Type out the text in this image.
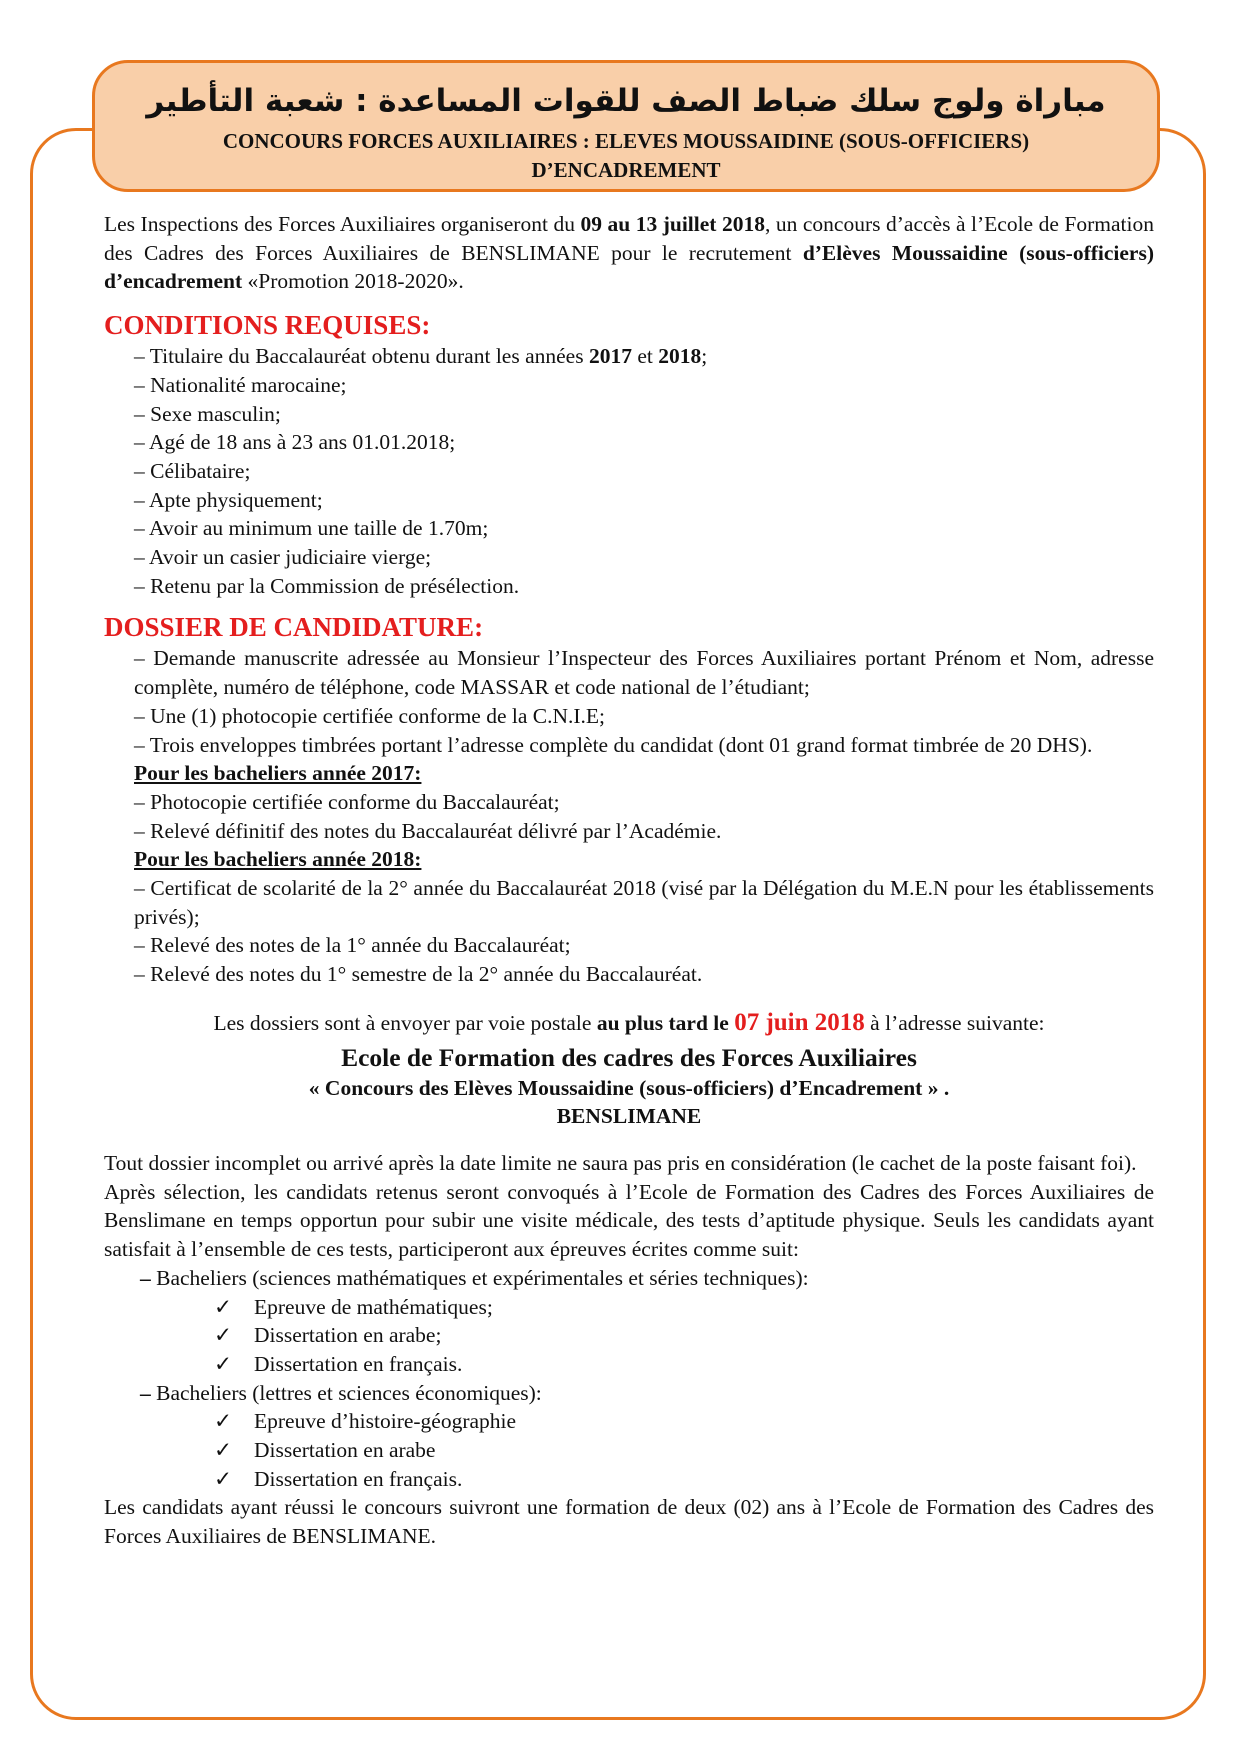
مباراة ولوج سلك ضباط الصف للقوات المساعدة : شعبة التأطير
CONCOURS FORCES AUXILIAIRES : ELEVES MOUSSAIDINE (SOUS-OFFICIERS)
D’ENCADREMENT

Les Inspections des Forces Auxiliaires organiseront du 09 au 13 juillet 2018, un concours d’accès à l’Ecole de Formation des Cadres des Forces Auxiliaires de BENSLIMANE pour le recrutement d’Elèves Moussaidine (sous-officiers) d’encadrement «Promotion 2018-2020».

CONDITIONS REQUISES:
– Titulaire du Baccalauréat obtenu durant les années 2017 et 2018;
– Nationalité marocaine;
– Sexe masculin;
– Agé de 18 ans à 23 ans 01.01.2018;
– Célibataire;
– Apte physiquement;
– Avoir au minimum une taille de 1.70m;
– Avoir un casier judiciaire vierge;
– Retenu par la Commission de présélection.
DOSSIER DE CANDIDATURE:
– Demande manuscrite adressée au Monsieur l’Inspecteur des Forces Auxiliaires portant Prénom et Nom, adresse complète, numéro de téléphone, code MASSAR et code national de l’étudiant;
– Une (1) photocopie certifiée conforme de la C.N.I.E;
– Trois enveloppes timbrées portant l’adresse complète du candidat (dont 01 grand format timbrée de 20 DHS).
Pour les bacheliers année 2017:
– Photocopie certifiée conforme du Baccalauréat;
– Relevé définitif des notes du Baccalauréat délivré par l’Académie.
Pour les bacheliers année 2018:
– Certificat de scolarité de la 2° année du Baccalauréat 2018 (visé par la Délégation du M.E.N pour les établissements privés);
– Relevé des notes de la 1° année du Baccalauréat;
– Relevé des notes du 1° semestre de la 2° année du Baccalauréat.

Les dossiers sont à envoyer par voie postale au plus tard le 07 juin 2018 à l’adresse suivante:

Ecole de Formation des cadres des Forces Auxiliaires
« Concours des Elèves Moussaidine (sous-officiers) d’Encadrement » .
BENSLIMANE

Tout dossier incomplet ou arrivé après la date limite ne saura pas pris en considération (le cachet de la poste faisant foi).

Après sélection, les candidats retenus seront convoqués à l’Ecole de Formation des Cadres des Forces Auxiliaires de Benslimane en temps opportun pour subir une visite médicale, des tests d’aptitude physique. Seuls les candidats ayant satisfait à l’ensemble de ces tests, participeront aux épreuves écrites comme suit:

– Bacheliers (sciences mathématiques et expérimentales et séries techniques):
✓ Epreuve de mathématiques;
✓ Dissertation en arabe;
✓ Dissertation en français.
– Bacheliers (lettres et sciences économiques):
✓ Epreuve d’histoire-géographie
✓ Dissertation en arabe
✓ Dissertation en français.

Les candidats ayant réussi le concours suivront une formation de deux (02) ans à l’Ecole de Formation des Cadres des Forces Auxiliaires de BENSLIMANE.
